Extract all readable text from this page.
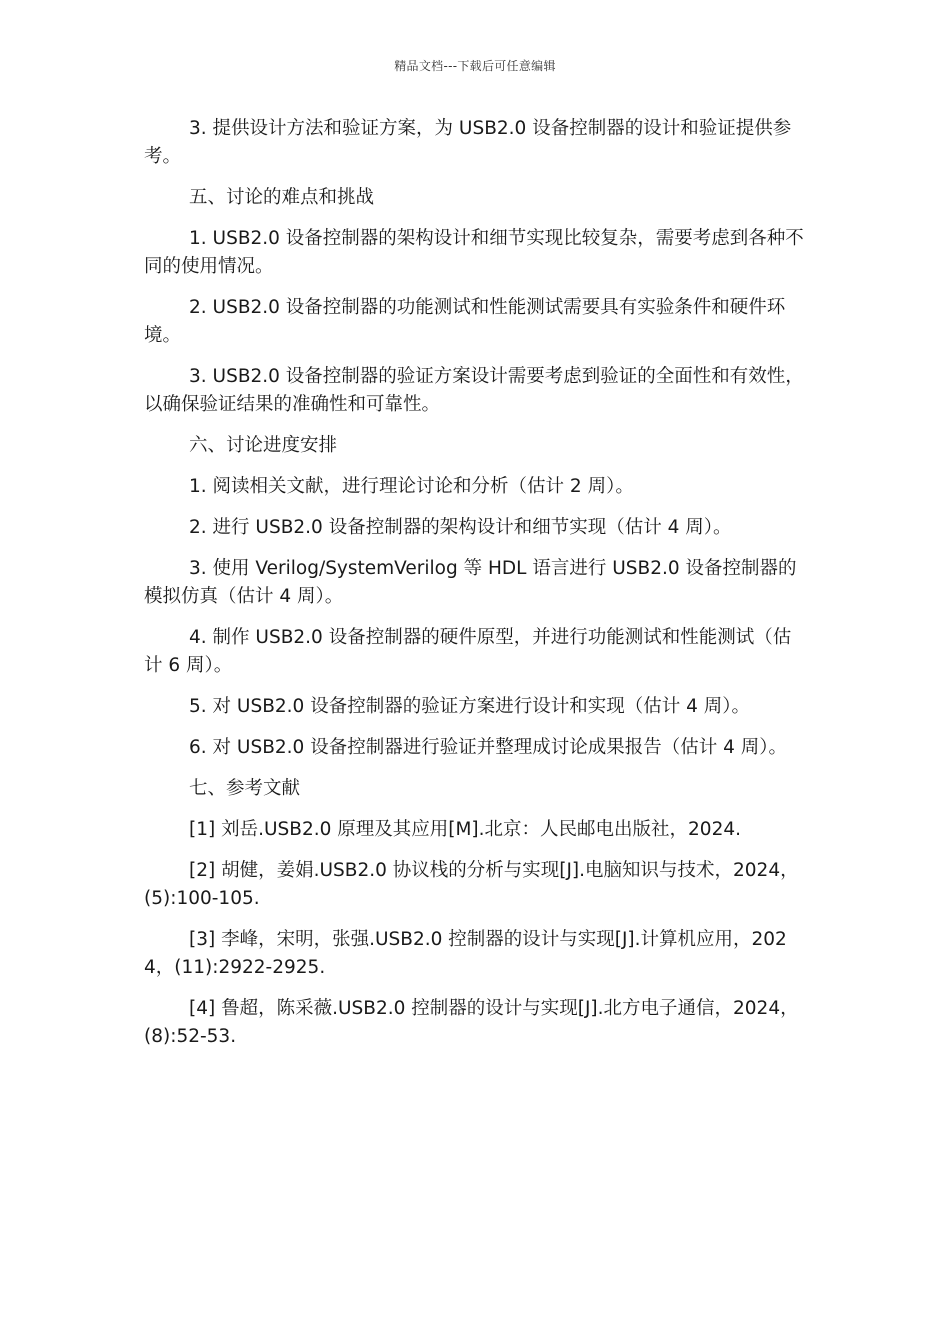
精品文档---下载后可任意编辑

3. 提供设计方法和验证方案，为 USB2.0 设备控制器的设计和验证提供参考。

五、讨论的难点和挑战

1. USB2.0 设备控制器的架构设计和细节实现比较复杂，需要考虑到各种不同的使用情况。

2. USB2.0 设备控制器的功能测试和性能测试需要具有实验条件和硬件环境。

3. USB2.0 设备控制器的验证方案设计需要考虑到验证的全面性和有效性，以确保验证结果的准确性和可靠性。

六、讨论进度安排

1. 阅读相关文献，进行理论讨论和分析（估计 2 周）。

2. 进行 USB2.0 设备控制器的架构设计和细节实现（估计 4 周）。

3. 使用 Verilog/SystemVerilog 等 HDL 语言进行 USB2.0 设备控制器的模拟仿真（估计 4 周）。

4. 制作 USB2.0 设备控制器的硬件原型，并进行功能测试和性能测试（估计 6 周）。

5. 对 USB2.0 设备控制器的验证方案进行设计和实现（估计 4 周）。

6. 对 USB2.0 设备控制器进行验证并整理成讨论成果报告（估计 4 周）。

七、参考文献

[1] 刘岳.USB2.0 原理及其应用[M].北京：人民邮电出版社，2024.

[2] 胡健，姜娟.USB2.0 协议栈的分析与实现[J].电脑知识与技术，2024，(5):100-105.

[3] 李峰，宋明，张强.USB2.0 控制器的设计与实现[J].计算机应用，2024，(11):2922-2925.

[4] 鲁超，陈采薇.USB2.0 控制器的设计与实现[J].北方电子通信，2024，(8):52-53.
